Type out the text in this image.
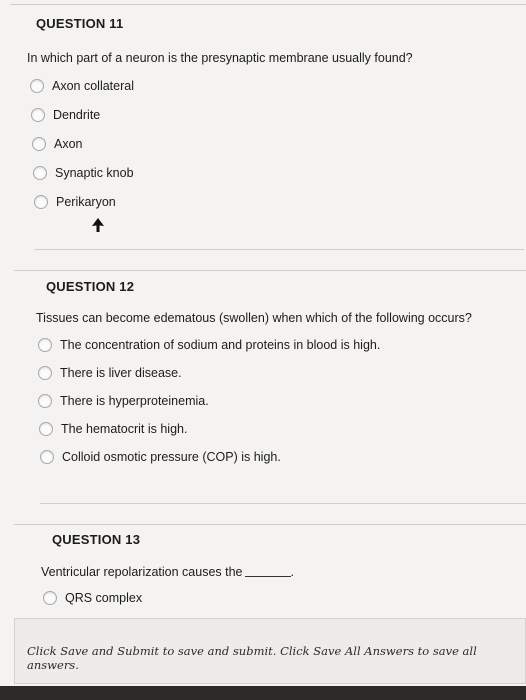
QUESTION 11
In which part of a neuron is the presynaptic membrane usually found?
Axon collateral
Dendrite
Axon
Synaptic knob
Perikaryon
QUESTION 12
Tissues can become edematous (swollen) when which of the following occurs?
The concentration of sodium and proteins in blood is high.
There is liver disease.
There is hyperproteinemia.
The hematocrit is high.
Colloid osmotic pressure (COP) is high.
QUESTION 13
Ventricular repolarization causes the	.
QRS complex
Click Save and Submit to save and submit. Click Save All Answers to save all answers.
